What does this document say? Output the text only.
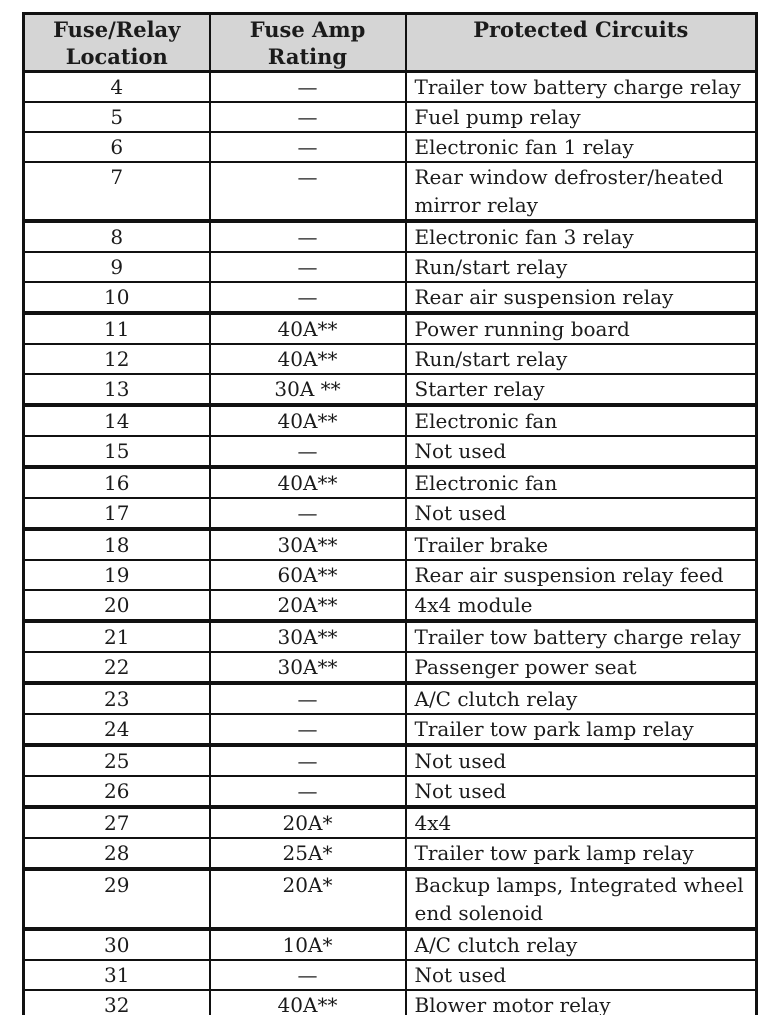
Fuse/Relay Location	Fuse Amp Rating	Protected Circuits
4	—	Trailer tow battery charge relay
5	—	Fuel pump relay
6	—	Electronic fan 1 relay
7	—	Rear window defroster/heated mirror relay
8	—	Electronic fan 3 relay
9	—	Run/start relay
10	—	Rear air suspension relay
11	40A**	Power running board
12	40A**	Run/start relay
13	30A **	Starter relay
14	40A**	Electronic fan
15	—	Not used
16	40A**	Electronic fan
17	—	Not used
18	30A**	Trailer brake
19	60A**	Rear air suspension relay feed
20	20A**	4x4 module
21	30A**	Trailer tow battery charge relay
22	30A**	Passenger power seat
23	—	A/C clutch relay
24	—	Trailer tow park lamp relay
25	—	Not used
26	—	Not used
27	20A*	4x4
28	25A*	Trailer tow park lamp relay
29	20A*	Backup lamps, Integrated wheel end solenoid
30	10A*	A/C clutch relay
31	—	Not used
32	40A**	Blower motor relay
